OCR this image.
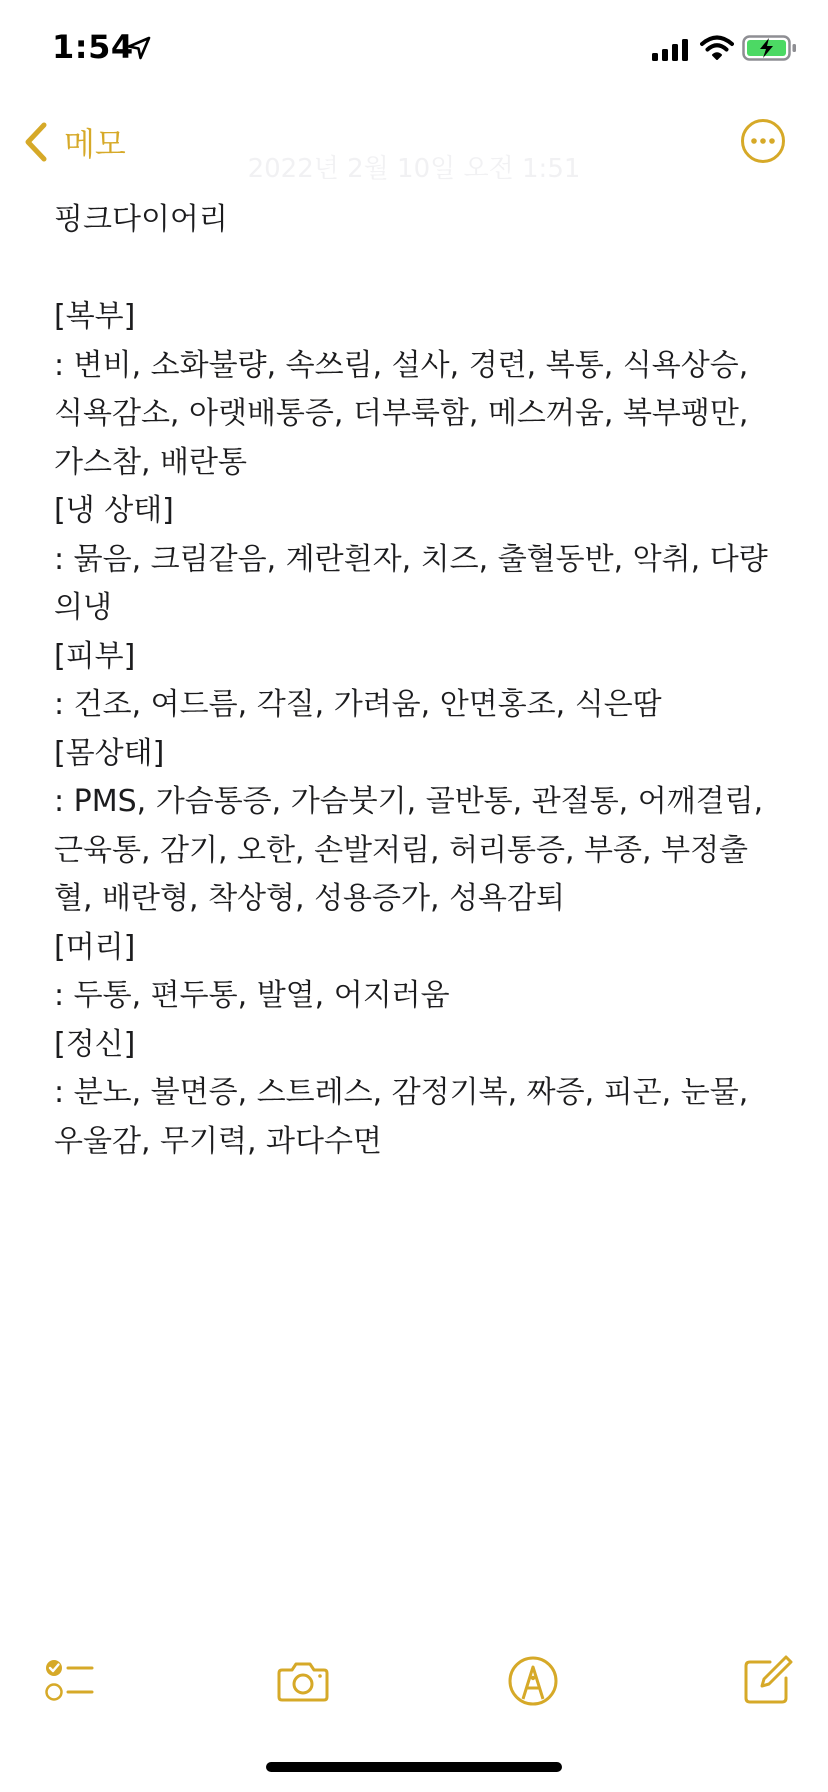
1:54
메모
2022년 2월 10일 오전 1:51
핑크다이어리
[복부]
: 변비, 소화불량, 속쓰림, 설사, 경련, 복통, 식욕상승,
식욕감소, 아랫배통증, 더부룩함, 메스꺼움, 복부팽만,
가스참, 배란통
[냉 상태]
: 묽음, 크림같음, 계란흰자, 치즈, 출혈동반, 악취, 다량
의냉
[피부]
: 건조, 여드름, 각질, 가려움, 안면홍조, 식은땀
[몸상태]
: PMS, 가슴통증, 가슴붓기, 골반통, 관절통, 어깨결림,
근육통, 감기, 오한, 손발저림, 허리통증, 부종, 부정출
혈, 배란형, 착상형, 성용증가, 성욕감퇴
[머리]
: 두통, 편두통, 발열, 어지러움
[정신]
: 분노, 불면증, 스트레스, 감정기복, 짜증, 피곤, 눈물,
우울감, 무기력, 과다수면
